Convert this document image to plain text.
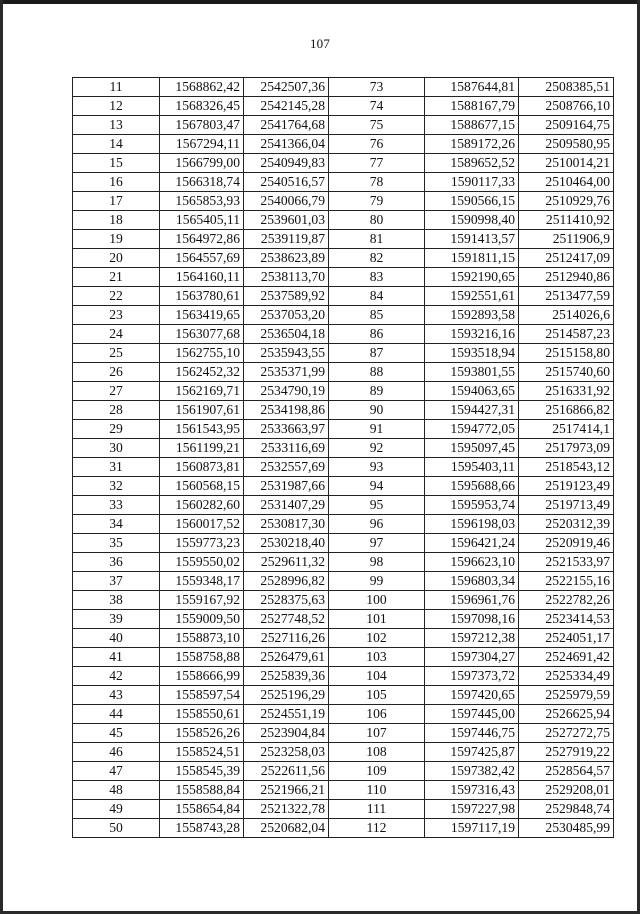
107
11	1568862,42	2542507,36	73	1587644,81	2508385,51
12	1568326,45	2542145,28	74	1588167,79	2508766,10
13	1567803,47	2541764,68	75	1588677,15	2509164,75
14	1567294,11	2541366,04	76	1589172,26	2509580,95
15	1566799,00	2540949,83	77	1589652,52	2510014,21
16	1566318,74	2540516,57	78	1590117,33	2510464,00
17	1565853,93	2540066,79	79	1590566,15	2510929,76
18	1565405,11	2539601,03	80	1590998,40	2511410,92
19	1564972,86	2539119,87	81	1591413,57	2511906,9
20	1564557,69	2538623,89	82	1591811,15	2512417,09
21	1564160,11	2538113,70	83	1592190,65	2512940,86
22	1563780,61	2537589,92	84	1592551,61	2513477,59
23	1563419,65	2537053,20	85	1592893,58	2514026,6
24	1563077,68	2536504,18	86	1593216,16	2514587,23
25	1562755,10	2535943,55	87	1593518,94	2515158,80
26	1562452,32	2535371,99	88	1593801,55	2515740,60
27	1562169,71	2534790,19	89	1594063,65	2516331,92
28	1561907,61	2534198,86	90	1594427,31	2516866,82
29	1561543,95	2533663,97	91	1594772,05	2517414,1
30	1561199,21	2533116,69	92	1595097,45	2517973,09
31	1560873,81	2532557,69	93	1595403,11	2518543,12
32	1560568,15	2531987,66	94	1595688,66	2519123,49
33	1560282,60	2531407,29	95	1595953,74	2519713,49
34	1560017,52	2530817,30	96	1596198,03	2520312,39
35	1559773,23	2530218,40	97	1596421,24	2520919,46
36	1559550,02	2529611,32	98	1596623,10	2521533,97
37	1559348,17	2528996,82	99	1596803,34	2522155,16
38	1559167,92	2528375,63	100	1596961,76	2522782,26
39	1559009,50	2527748,52	101	1597098,16	2523414,53
40	1558873,10	2527116,26	102	1597212,38	2524051,17
41	1558758,88	2526479,61	103	1597304,27	2524691,42
42	1558666,99	2525839,36	104	1597373,72	2525334,49
43	1558597,54	2525196,29	105	1597420,65	2525979,59
44	1558550,61	2524551,19	106	1597445,00	2526625,94
45	1558526,26	2523904,84	107	1597446,75	2527272,75
46	1558524,51	2523258,03	108	1597425,87	2527919,22
47	1558545,39	2522611,56	109	1597382,42	2528564,57
48	1558588,84	2521966,21	110	1597316,43	2529208,01
49	1558654,84	2521322,78	111	1597227,98	2529848,74
50	1558743,28	2520682,04	112	1597117,19	2530485,99
